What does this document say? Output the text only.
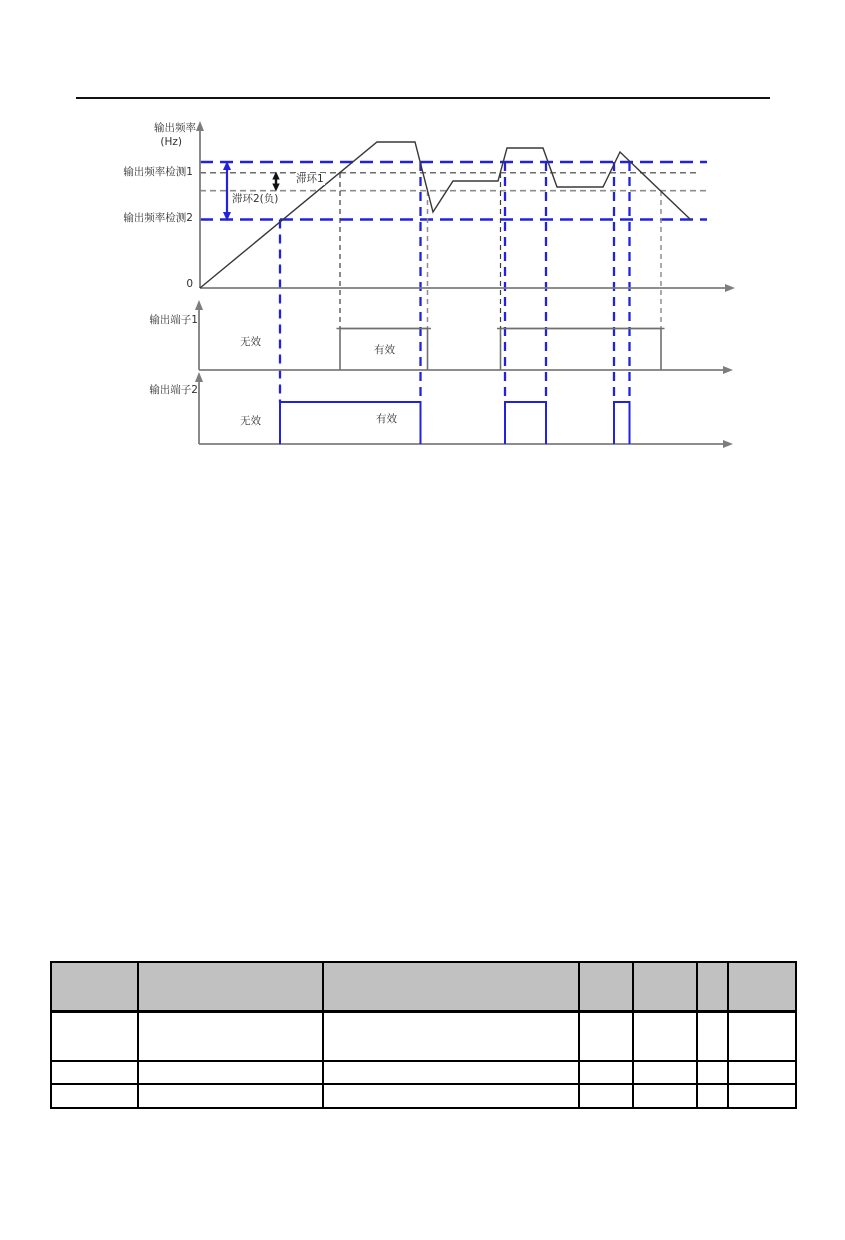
输出频率
(Hz)
输出频率检测1
输出频率检测2
滞环1
滞环2(负)
0
输出端子1
输出端子2
无效
有效
无效	有效
